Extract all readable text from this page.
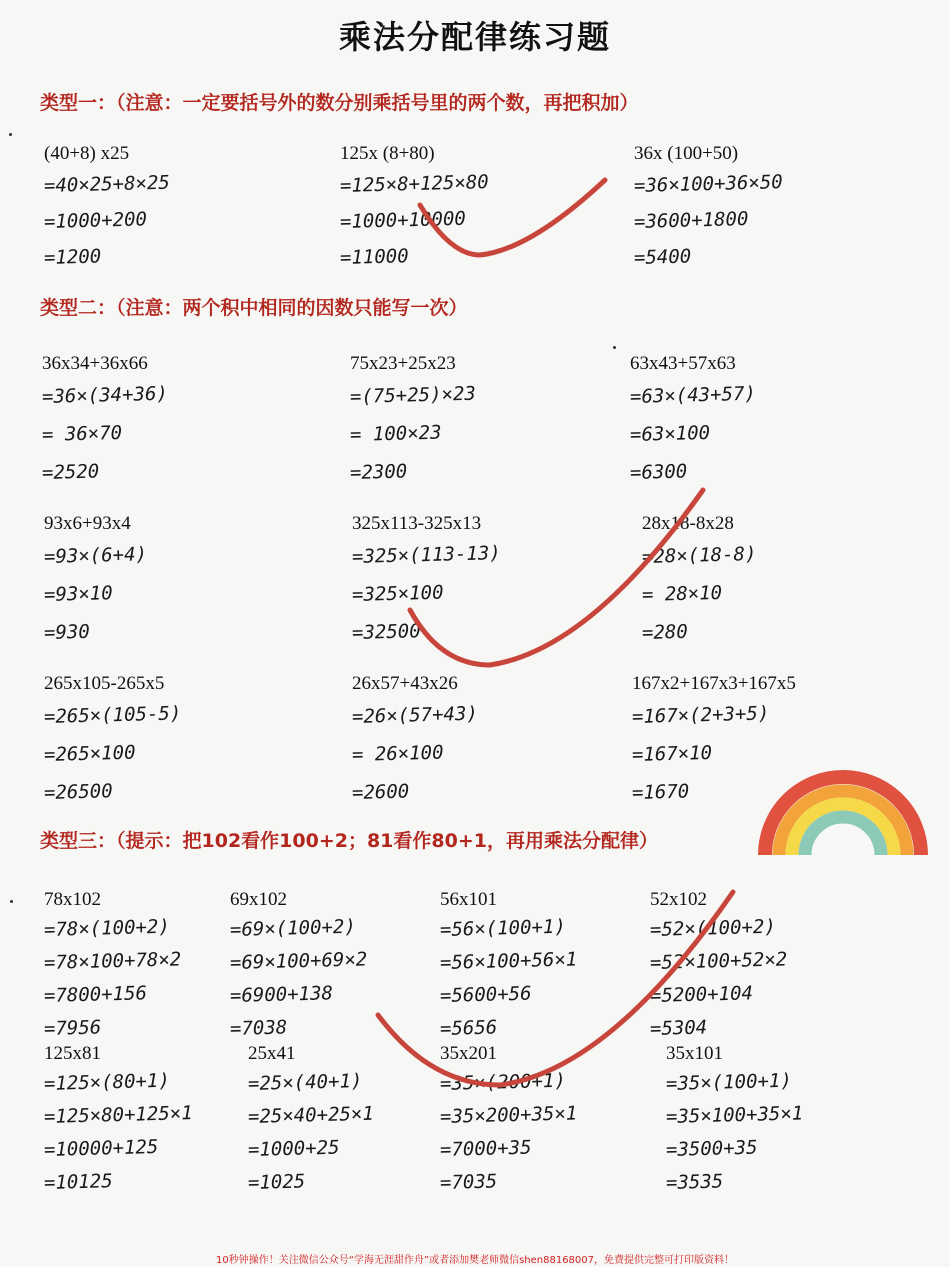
乘法分配律练习题
类型一：（注意：一定要括号外的数分别乘括号里的两个数，再把积加）
类型二：（注意：两个积中相同的因数只能写一次）
类型三：（提示：把102看作100+2；81看作80+1，再用乘法分配律）
(40+8) x25
=40×25+8×25
=1000+200
=1200
125x (8+80)
=125×8+125×80
=1000+10000
=11000
36x (100+50)
=36×100+36×50
=3600+1800
=5400
36x34+36x66
=36×(34+36)
= 36×70
=2520
75x23+25x23
=(75+25)×23
= 100×23
=2300
63x43+57x63
=63×(43+57)
=63×100
=6300
93x6+93x4
=93×(6+4)
=93×10
=930
325x113-325x13
=325×(113-13)
=325×100
=32500
28x18-8x28
=28×(18-8)
= 28×10
=280
265x105-265x5
=265×(105-5)
=265×100
=26500
26x57+43x26
=26×(57+43)
= 26×100
=2600
167x2+167x3+167x5
=167×(2+3+5)
=167×10
=1670
78x102
=78×(100+2)
=78×100+78×2
=7800+156
=7956
69x102
=69×(100+2)
=69×100+69×2
=6900+138
=7038
56x101
=56×(100+1)
=56×100+56×1
=5600+56
=5656
52x102
=52×(100+2)
=52×100+52×2
=5200+104
=5304
125x81
=125×(80+1)
=125×80+125×1
=10000+125
=10125
25x41
=25×(40+1)
=25×40+25×1
=1000+25
=1025
35x201
=35×(200+1)
=35×200+35×1
=7000+35
=7035
35x101
=35×(100+1)
=35×100+35×1
=3500+35
=3535
10秒钟操作！关注微信公众号“学海无涯甜作舟”或者添加樊老师微信shen88168007，免费提供完整可打印版资料！
